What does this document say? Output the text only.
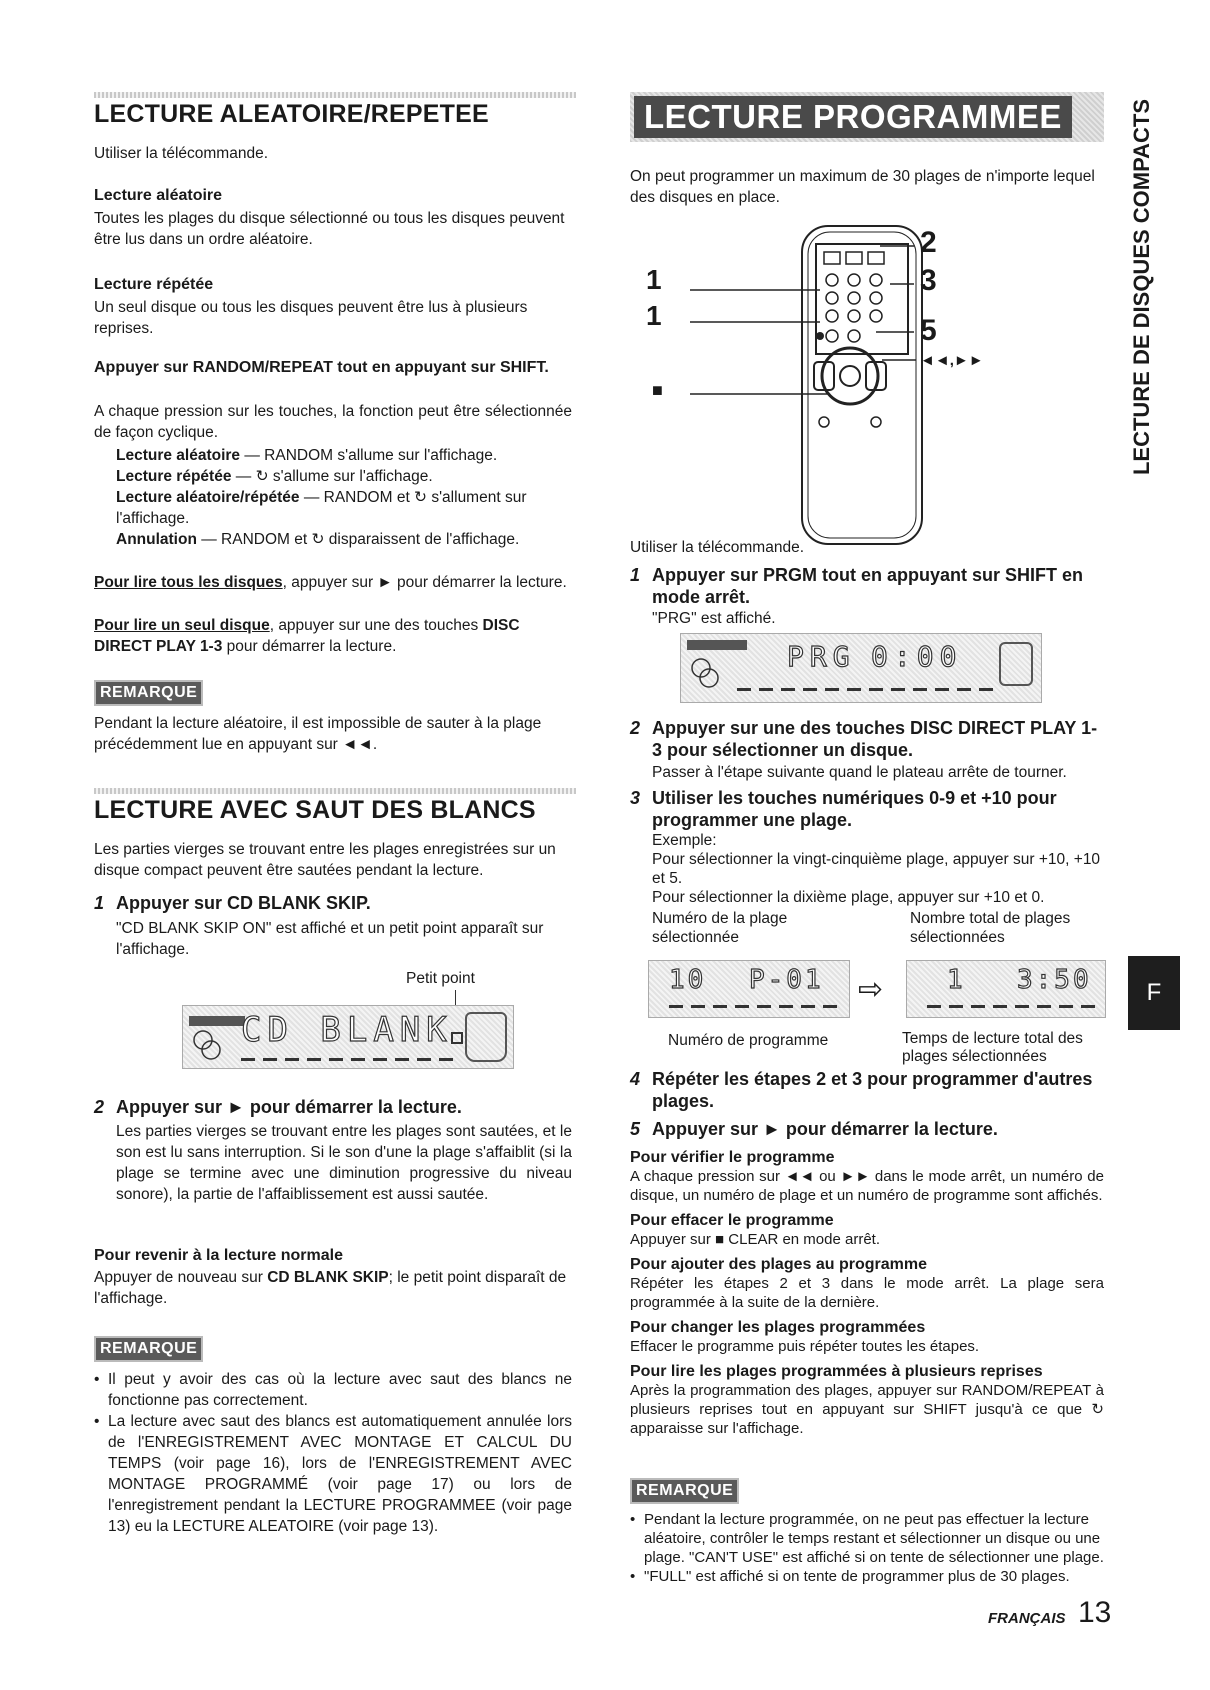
LECTURE ALEATOIRE/REPETEE

Utiliser la télécommande.

Lecture aléatoire

Toutes les plages du disque sélectionné ou tous les disques peuvent être lus dans un ordre aléatoire.

Lecture répétée

Un seul disque ou tous les disques peuvent être lus à plusieurs reprises.

Appuyer sur RANDOM/REPEAT tout en appuyant sur SHIFT.

A chaque pression sur les touches, la fonction peut être sélectionnée de façon cyclique.

Lecture aléatoire — RANDOM s'allume sur l'affichage.

Lecture répétée — ↻ s'allume sur l'affichage.

Lecture aléatoire/répétée — RANDOM et ↻ s'allument sur l'affichage.

Annulation — RANDOM et ↻ disparaissent de l'affichage.

Pour lire tous les disques, appuyer sur ► pour démarrer la lecture.

Pour lire un seul disque, appuyer sur une des touches DISC DIRECT PLAY 1-3 pour démarrer la lecture.

REMARQUE

Pendant la lecture aléatoire, il est impossible de sauter à la plage précédemment lue en appuyant sur ◄◄.

LECTURE AVEC SAUT DES BLANCS

Les parties vierges se trouvant entre les plages enregistrées sur un disque compact peuvent être sautées pendant la lecture.

1 Appuyer sur CD BLANK SKIP.

"CD BLANK SKIP ON" est affiché et un petit point apparaît sur l'affichage.

Petit point

CD BLANK
2 Appuyer sur ► pour démarrer la lecture.

Les parties vierges se trouvant entre les plages sont sautées, et le son est lu sans interruption. Si le son d'une la plage s'affaiblit (si la plage se termine avec une diminution progressive du niveau sonore), la partie de l'affaiblissement est aussi sautée.

Pour revenir à la lecture normale

Appuyer de nouveau sur CD BLANK SKIP; le petit point disparaît de l'affichage.

REMARQUE
• Il peut y avoir des cas où la lecture avec saut des blancs ne fonctionne pas correctement.
• La lecture avec saut des blancs est automatiquement annulée lors de l'ENREGISTREMENT AVEC MONTAGE ET CALCUL DU TEMPS (voir page 16), lors de l'ENREGISTREMENT AVEC MONTAGE PROGRAMMÉ (voir page 17) ou lors de l'enregistrement pendant la LECTURE PROGRAMMEE (voir page 13) eu la LECTURE ALEATOIRE (voir page 13).
LECTURE PROGRAMMEE

On peut programmer un maximum de 30 plages de n'importe lequel des disques en place.

1
1
■
2
3
5
◄◄,►►

Utiliser la télécommande.

1 Appuyer sur PRGM tout en appuyant sur SHIFT en mode arrêt.

"PRG" est affiché.

PRG 0:00
2 Appuyer sur une des touches DISC DIRECT PLAY 1-3 pour sélectionner un disque.

Passer à l'étape suivante quand le plateau arrête de tourner.

3 Utiliser les touches numériques 0-9 et +10 pour programmer une plage.

Exemple:

Pour sélectionner la vingt-cinquième plage, appuyer sur +10, +10 et 5.

Pour sélectionner la dixième plage, appuyer sur +10 et 0.

Numéro de la plage sélectionnée

Nombre total de plages sélectionnées

10 P-01 ⇨ 1 3:50

Numéro de programme	Temps de lecture total des plages sélectionnées

4 Répéter les étapes 2 et 3 pour programmer d'autres plages.
5 Appuyer sur ► pour démarrer la lecture.

Pour vérifier le programme

A chaque pression sur ◄◄ ou ►► dans le mode arrêt, un numéro de disque, un numéro de plage et un numéro de programme sont affichés.

Pour effacer le programme

Appuyer sur ■ CLEAR en mode arrêt.

Pour ajouter des plages au programme

Répéter les étapes 2 et 3 dans le mode arrêt. La plage sera programmée à la suite de la dernière.

Pour changer les plages programmées

Effacer le programme puis répéter toutes les étapes.

Pour lire les plages programmées à plusieurs reprises

Après la programmation des plages, appuyer sur RANDOM/REPEAT à plusieurs reprises tout en appuyant sur SHIFT jusqu'à ce que ↻ apparaisse sur l'affichage.

REMARQUE
• Pendant la lecture programmée, on ne peut pas effectuer la lecture aléatoire, contrôler le temps restant et sélectionner un disque ou une plage. "CAN'T USE" est affiché si on tente de sélectionner une plage.
• "FULL" est affiché si on tente de programmer plus de 30 plages.
LECTURE DE DISQUES COMPACTS
F
FRANÇAIS 13
